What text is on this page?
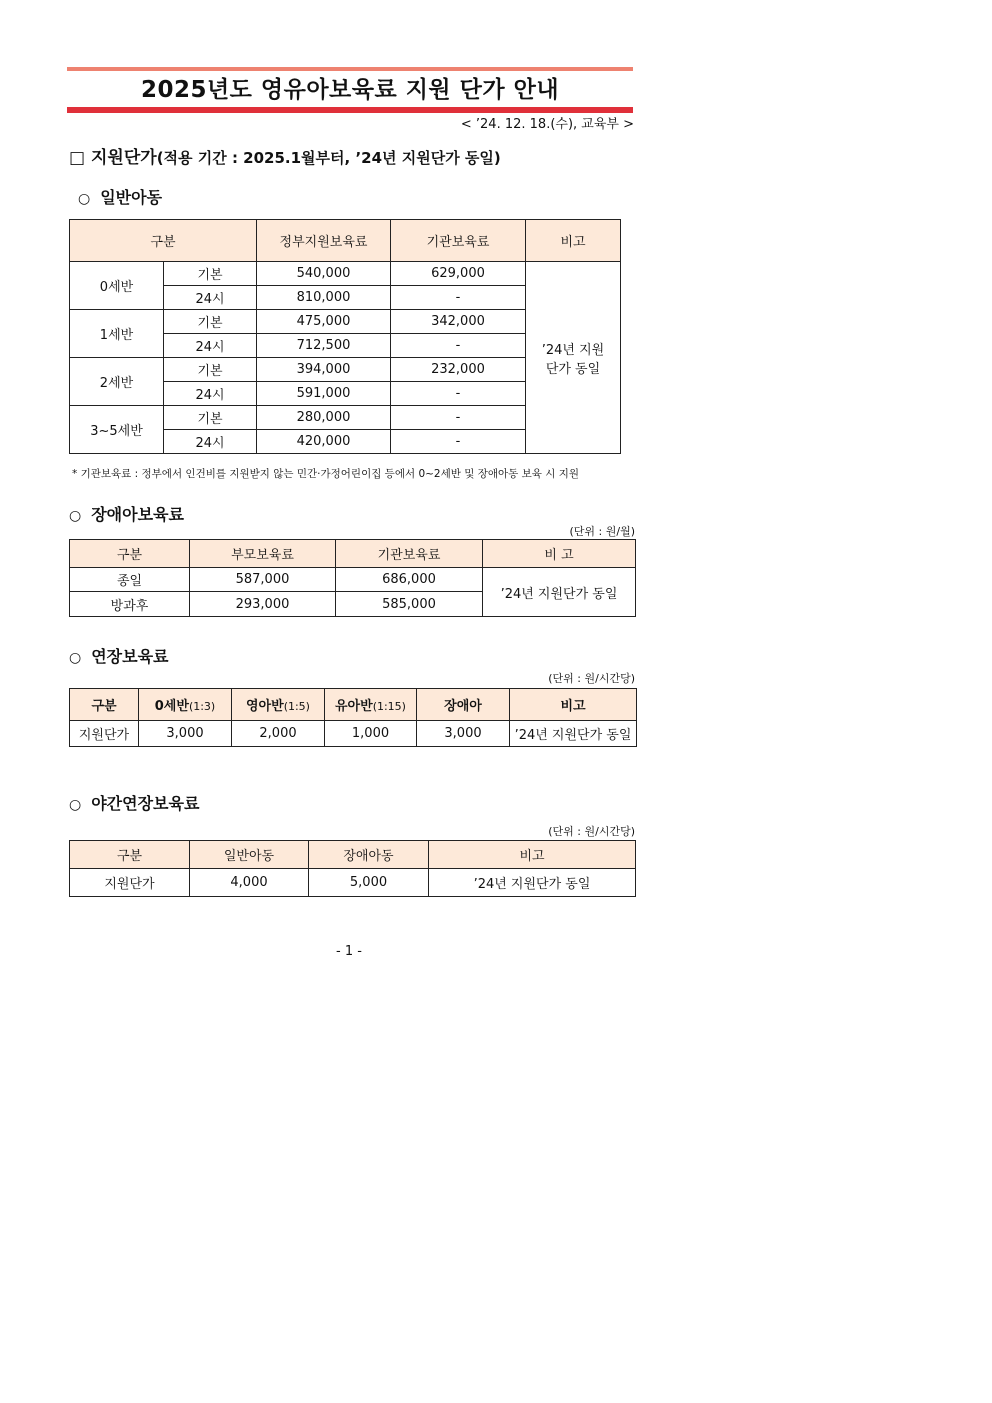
2025년도 영유아보육료 지원 단가 안내
< ’24. 12. 18.(수), 교육부 >
□ 지원단가(적용 기간 : 2025.1월부터, ’24년 지원단가 동일)
○ 일반아동
구분		정부지원보육료	기관보육료	비고
0세반	기본	540,000	629,000	’24년 지원단가 동일
	24시	810,000	-	
1세반	기본	475,000	342,000	
	24시	712,500	-	
2세반	기본	394,000	232,000	
	24시	591,000	-	
3~5세반	기본	280,000	-	
	24시	420,000	-	
* 기관보육료 : 정부에서 인건비를 지원받지 않는 민간·가정어린이집 등에서 0~2세반 및 장애아동 보육 시 지원
○ 장애아보육료
(단위 : 원/월)
구분	부모보육료	기관보육료	비 고
종일	587,000	686,000	’24년 지원단가 동일
방과후	293,000	585,000	
○ 연장보육료
(단위 : 원/시간당)
구분	0세반(1:3)	영아반(1:5)	유아반(1:15)	장애아	비고
지원단가	3,000	2,000	1,000	3,000	’24년 지원단가 동일
○ 야간연장보육료
(단위 : 원/시간당)
구분	일반아동	장애아동	비고
지원단가	4,000	5,000	’24년 지원단가 동일
- 1 -
